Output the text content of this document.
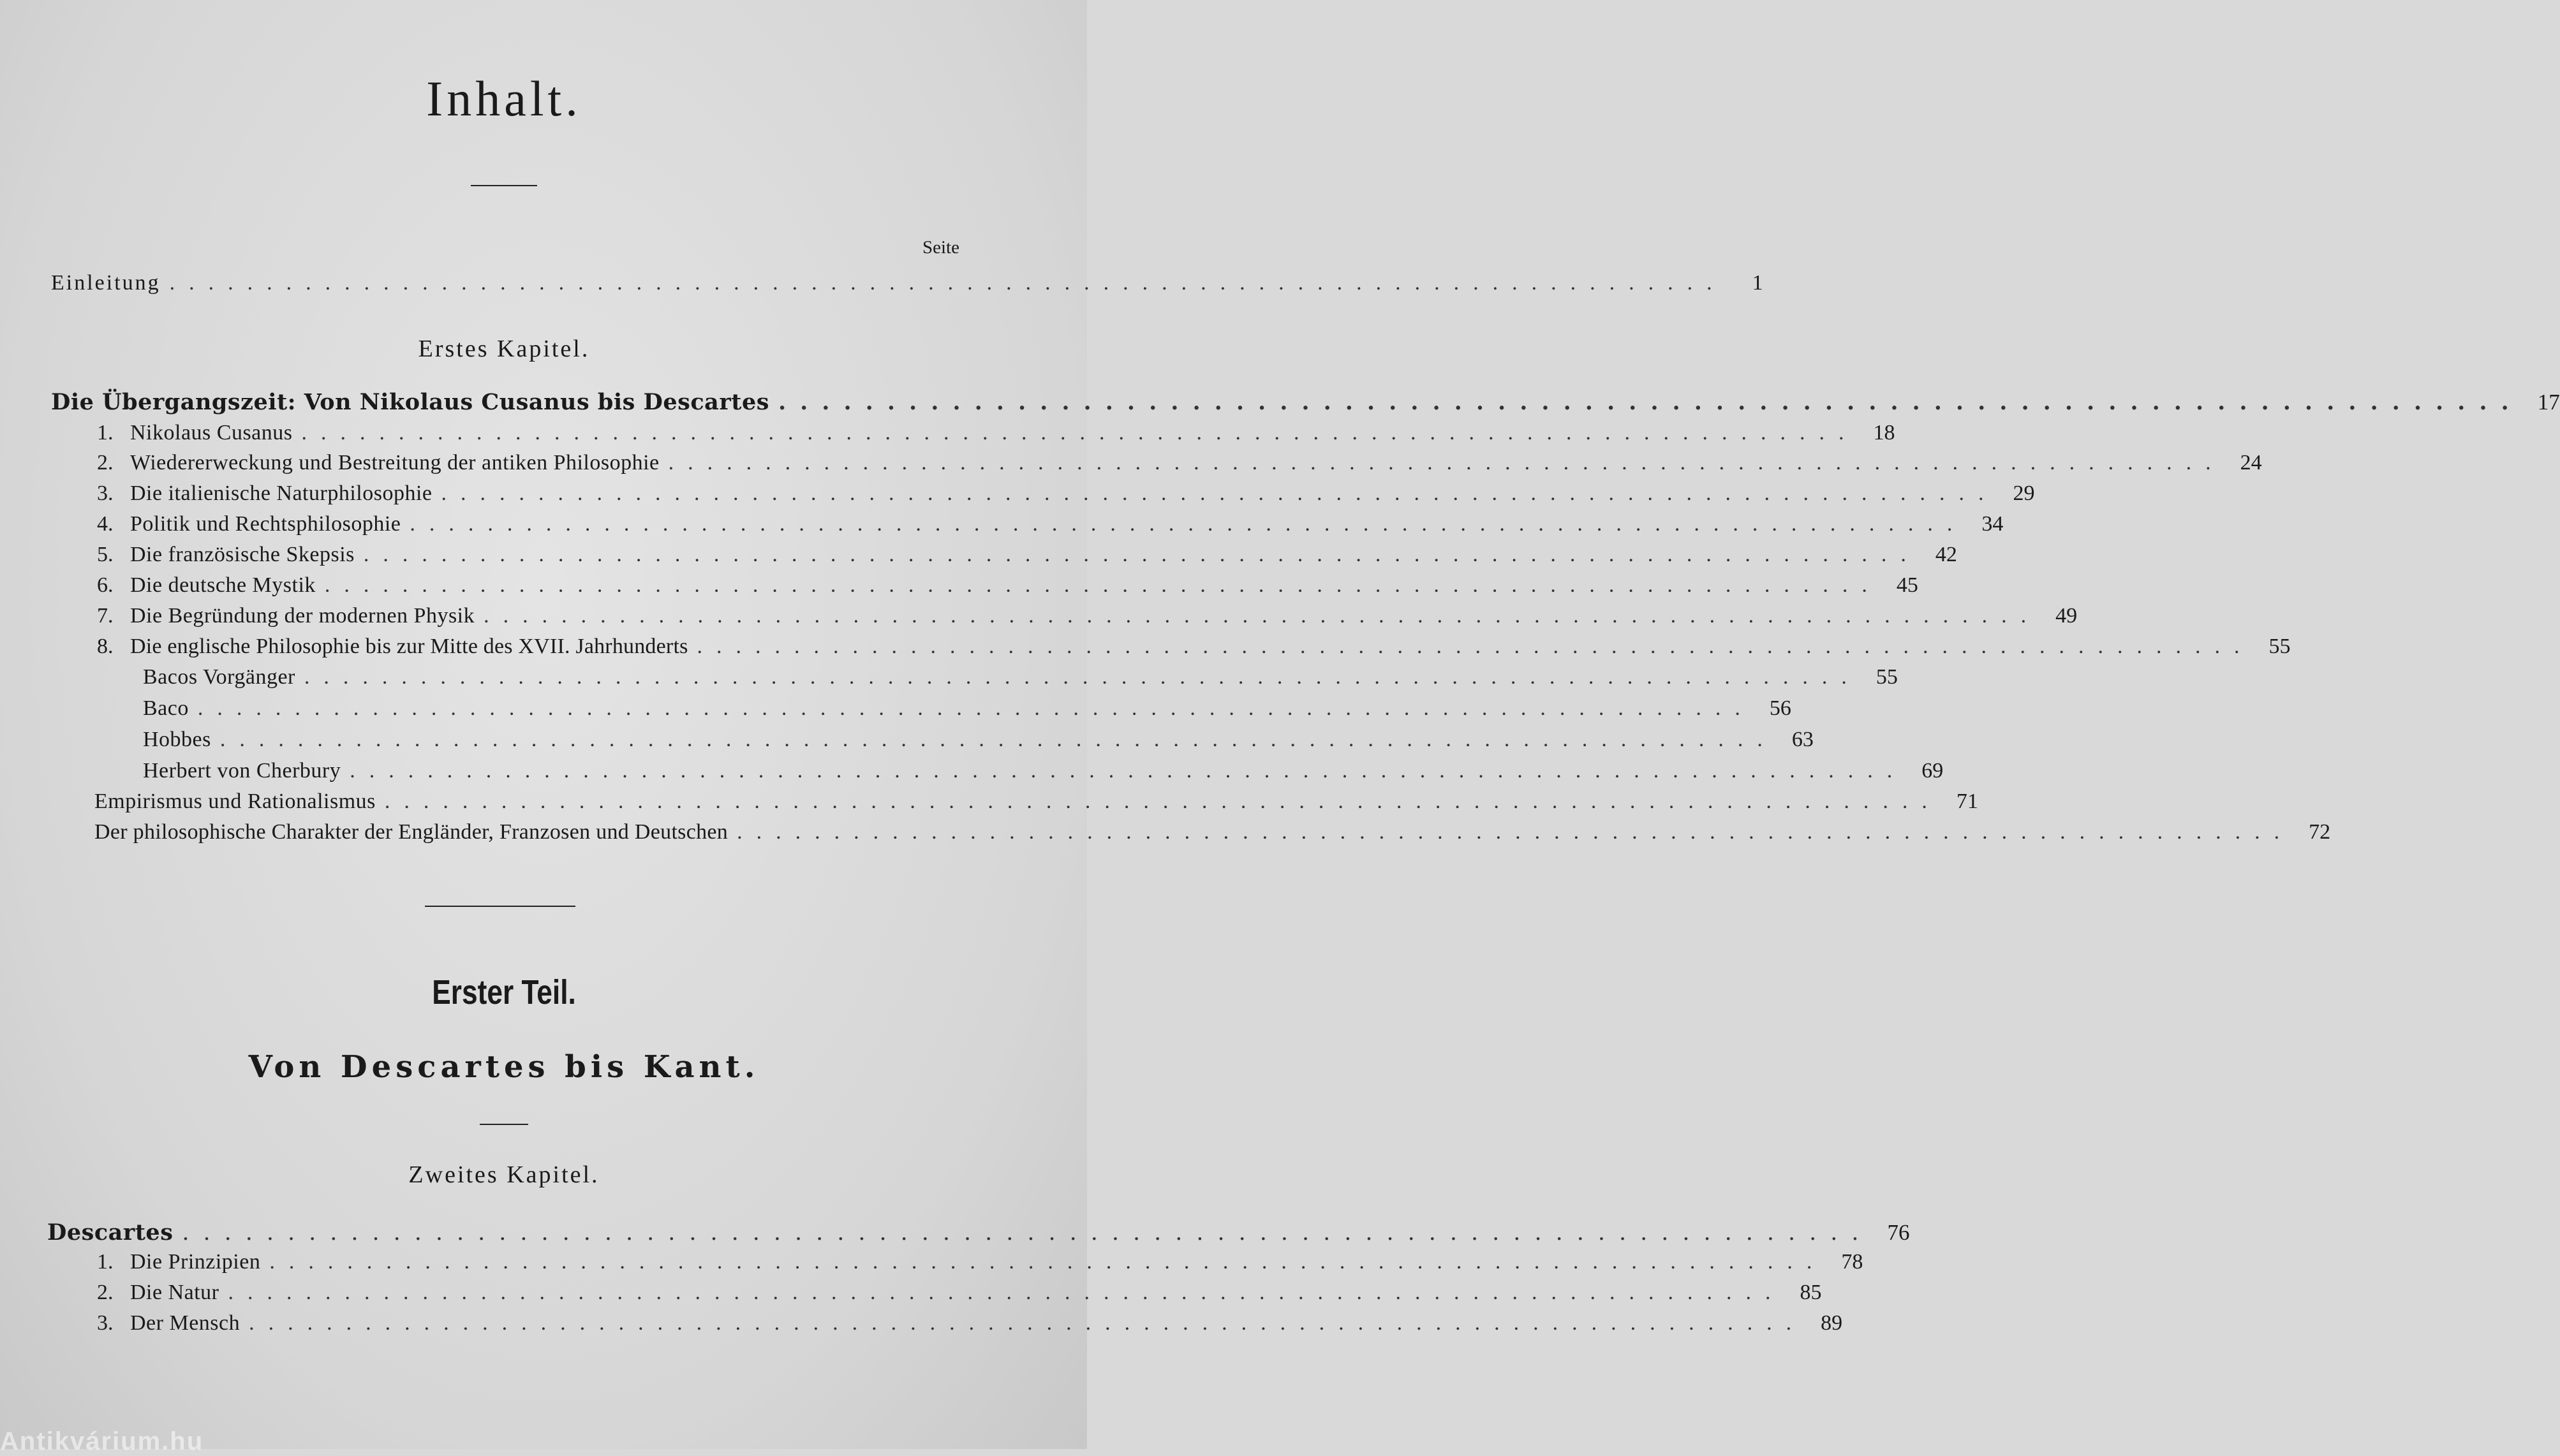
Inhalt.
Seite
Einleitung ................................................................................	1
Erstes Kapitel.
Die Übergangszeit: Von Nikolaus Cusanus bis Descartes ................................................................................ 17
1. Nikolaus Cusanus ................................................................................ 18
2. Wiedererweckung und Bestreitung der antiken Philosophie ................................................................................ 24
3. Die italienische Naturphilosophie ................................................................................ 29
4. Politik und Rechtsphilosophie ................................................................................ 34
5. Die französische Skepsis ................................................................................ 42
6. Die deutsche Mystik ................................................................................ 45
7. Die Begründung der modernen Physik ................................................................................ 49
8. Die englische Philosophie bis zur Mitte des XVII. Jahrhunderts ................................................................................ 55
Bacos Vorgänger ................................................................................ 55
Baco ................................................................................ 56
Hobbes ................................................................................ 63
Herbert von Cherbury ................................................................................ 69
Empirismus und Rationalismus ................................................................................ 71
Der philosophische Charakter der Engländer, Franzosen und Deutschen ................................................................................ 72
Erster Teil.
Von Descartes bis Kant.
Zweites Kapitel.
Descartes ................................................................................ 76
1. Die Prinzipien ................................................................................ 78
2. Die Natur ................................................................................ 85
3. Der Mensch ................................................................................ 89
Antikvárium.hu
